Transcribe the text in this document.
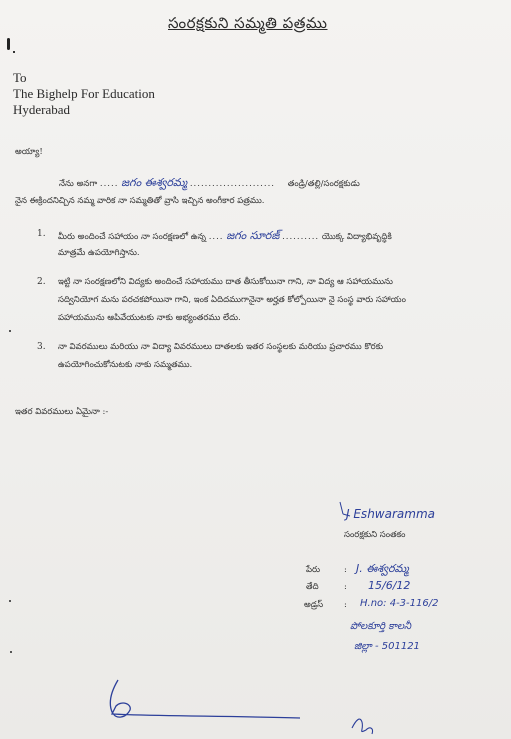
సంరక్షకుని సమ్మతి పత్రము
To
The Bighelp For Education
Hyderabad
అయ్యా!
నేను అనగా ..... జగం ఈశ్వరమ్మ ....................... తండ్రి/తల్లి/సంరక్షకుడు
నైన ఈక్రిందనిచ్చిన నమ్మ వారిక నా సమ్మతితో వ్రాసి ఇచ్చిన అంగీకార పత్రము.
1. మీరు అందించే సహాయం నా సంరక్షణలో ఉన్న .... జగం సూరజ్ .......... యొక్క విద్యాభివృద్ధికి
మాత్రమే ఉపయోగిస్తాను.
2. ఇట్టి నా సంరక్షణలోని విద్యకు అందించే సహాయము దాత తీసుకోయినా గాని, నా విద్య ఆ సహాయమును
సద్వినియోగ మను పరచకపోయినా గాని, ఇంక ఏదిదముగానైనా అర్హత కోల్పోయినా నై సంస్థ వారు సహాయం
పహాయమును ఆపివేయుటకు నాకు అభ్యంతరము లేదు.
3. నా వివరములు మరియు నా విద్యా వివరములు దాతలకు ఇతర సంస్థలకు మరియు ప్రచారము కొరకు
ఉపయోగించుకోనుటకు నాకు సమ్మతము.
ఇతర వివరములు ఏమైనా :-
J Eshwaramma
సంరక్షకుని సంతకం
పేరు	: J. ఈశ్వరమ్మ
తేది	: 15/6/12
అడ్రస్ : H.no: 4-3-116/2
పోలకూర్తి కాలనీ
జిల్లా - 501121
